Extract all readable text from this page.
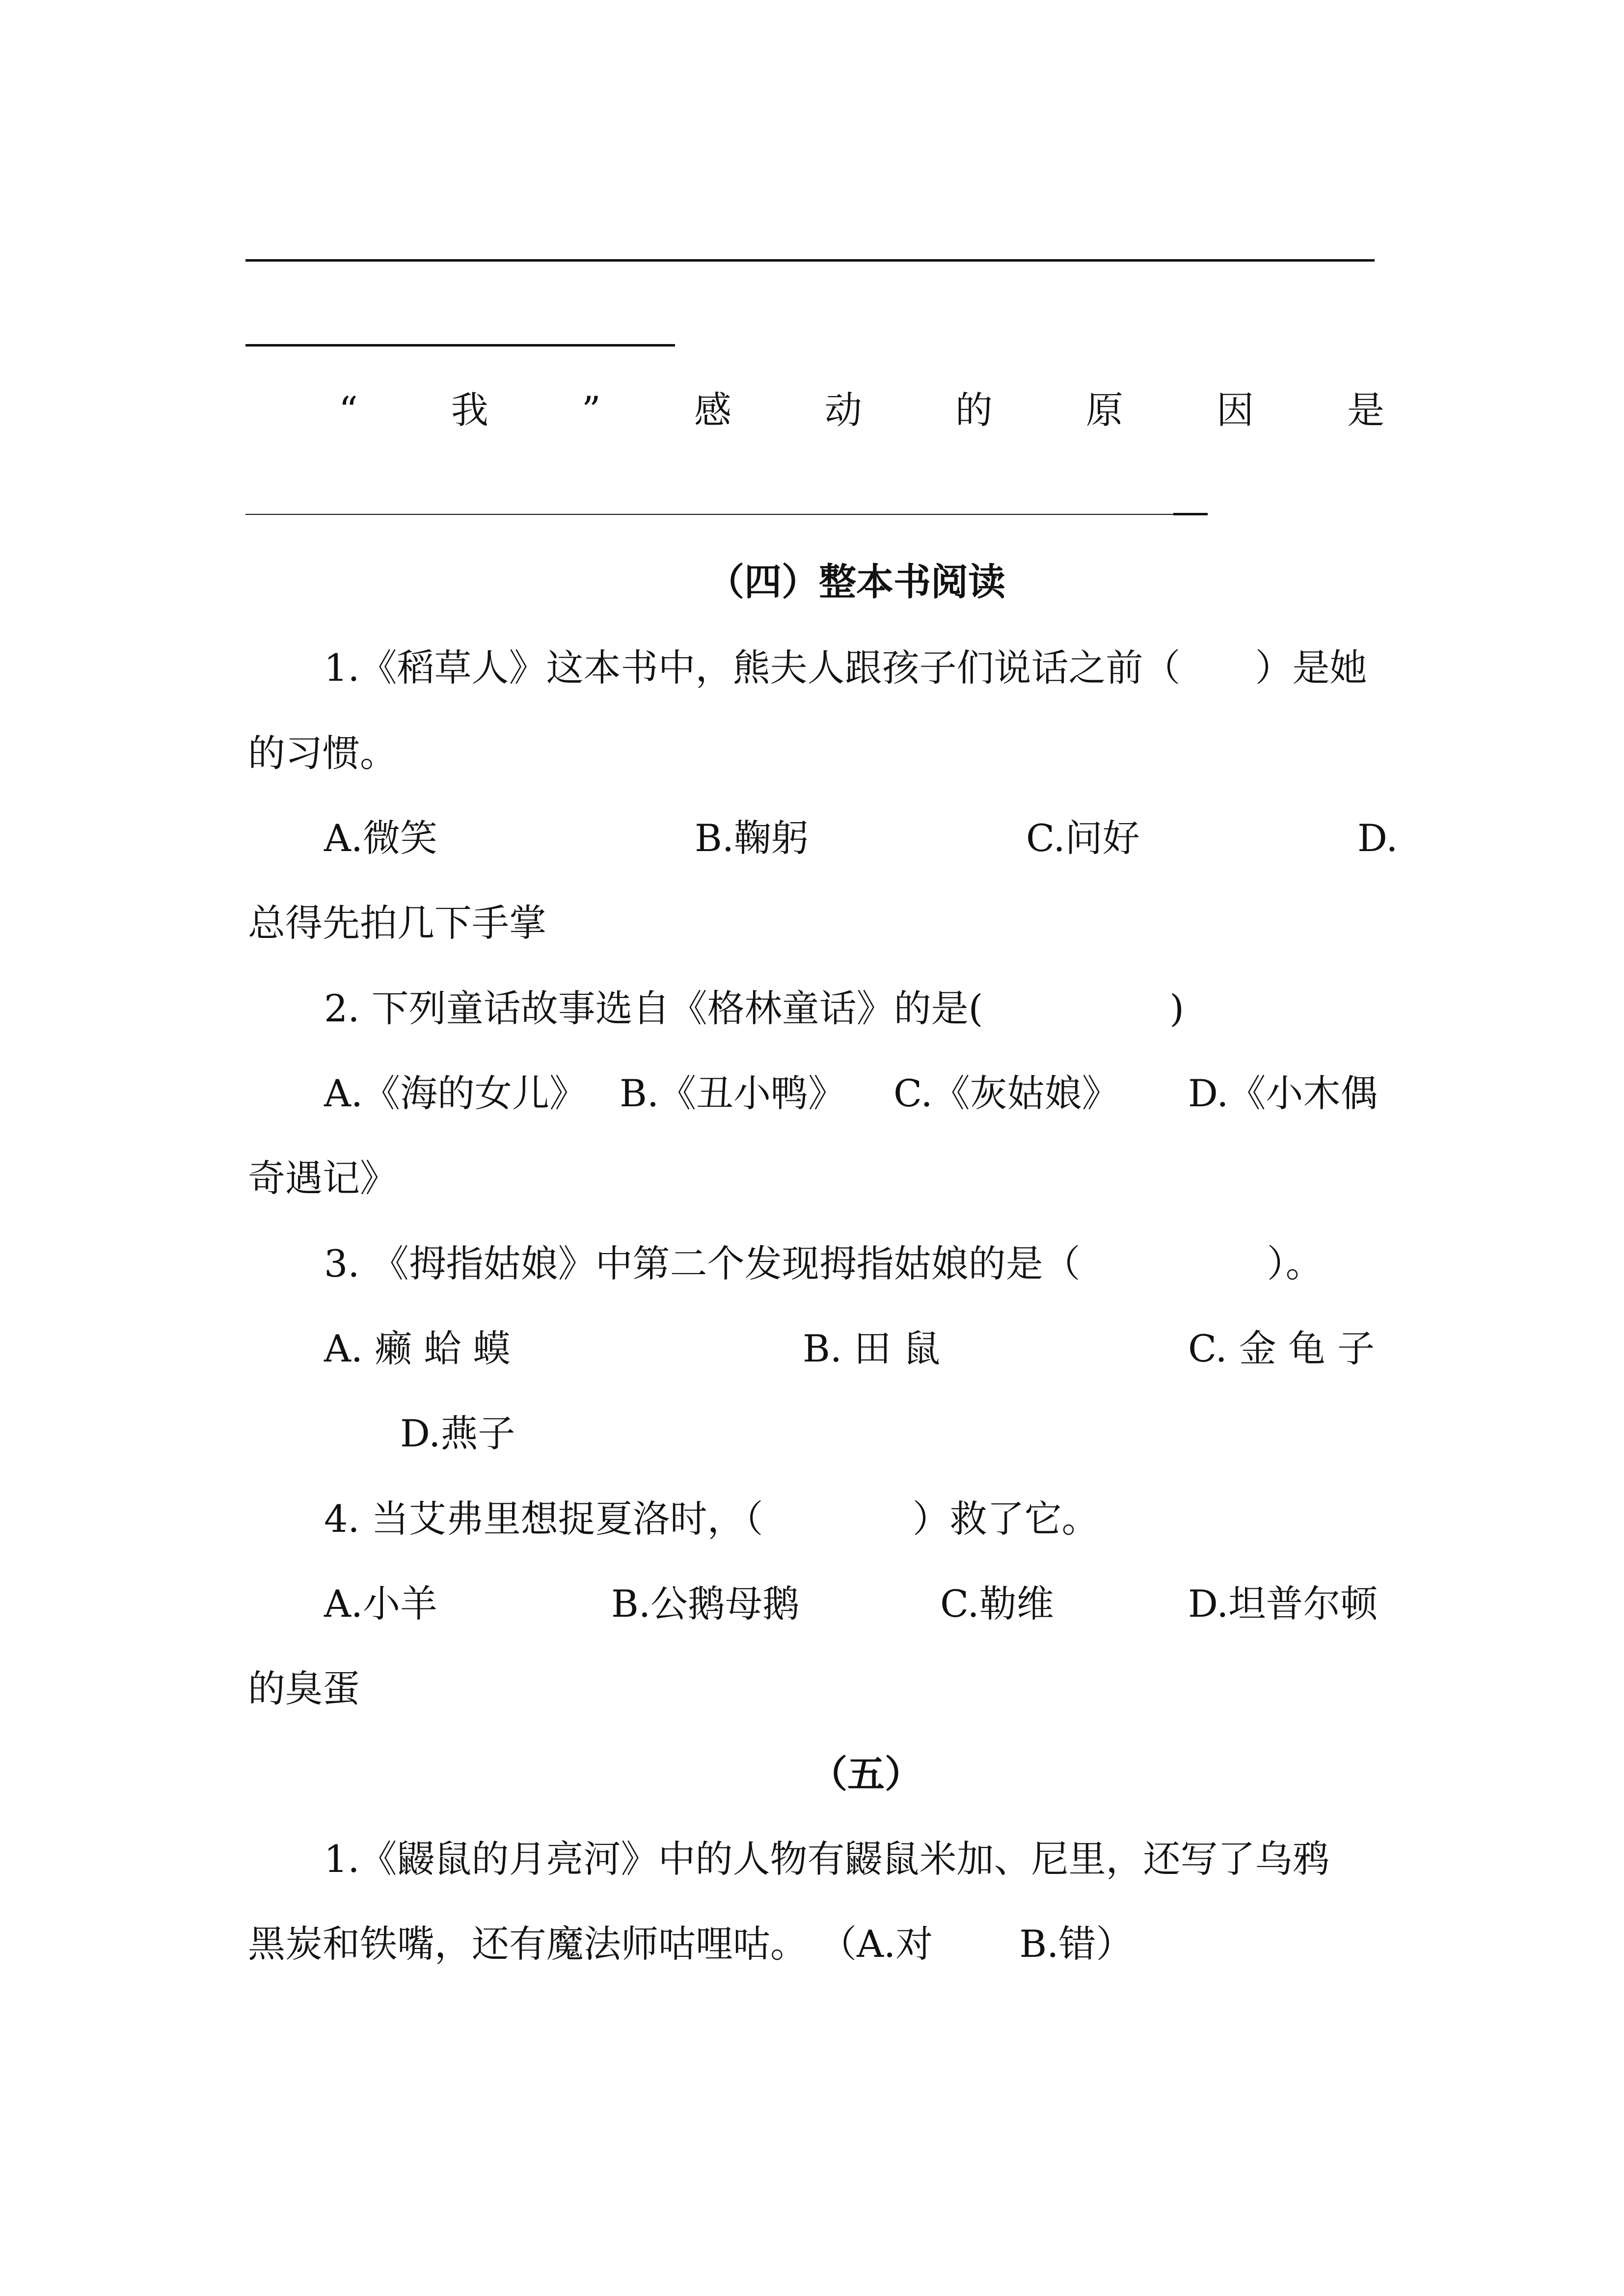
“	我	”	感	动	的	原	因	是
（四）整本书阅读
1.《稻草人》这本书中，熊夫人跟孩子们说话之前（　　）是她
的习惯。
A.微笑	B.鞠躬	C.问好	D.
总得先拍几下手掌
2. 下列童话故事选自《格林童话》的是(　　　　　)
A.《海的女儿》 B.《丑小鸭》 C.《灰姑娘》 D.《小木偶
奇遇记》
3. 《拇指姑娘》中第二个发现拇指姑娘的是（　　　　　）。
A. 癞 蛤 蟆	B. 田 鼠	C. 金 龟 子
D.燕子
4. 当艾弗里想捉夏洛时，（　　　　）救了它。
A.小羊	B.公鹅母鹅	C.勒维	D.坦普尔顿
的臭蛋
（五）
1.《鼹鼠的月亮河》中的人物有鼹鼠米加、尼里，还写了乌鸦
黑炭和铁嘴，还有魔法师咕哩咕。 （A.对　　 B.错）
